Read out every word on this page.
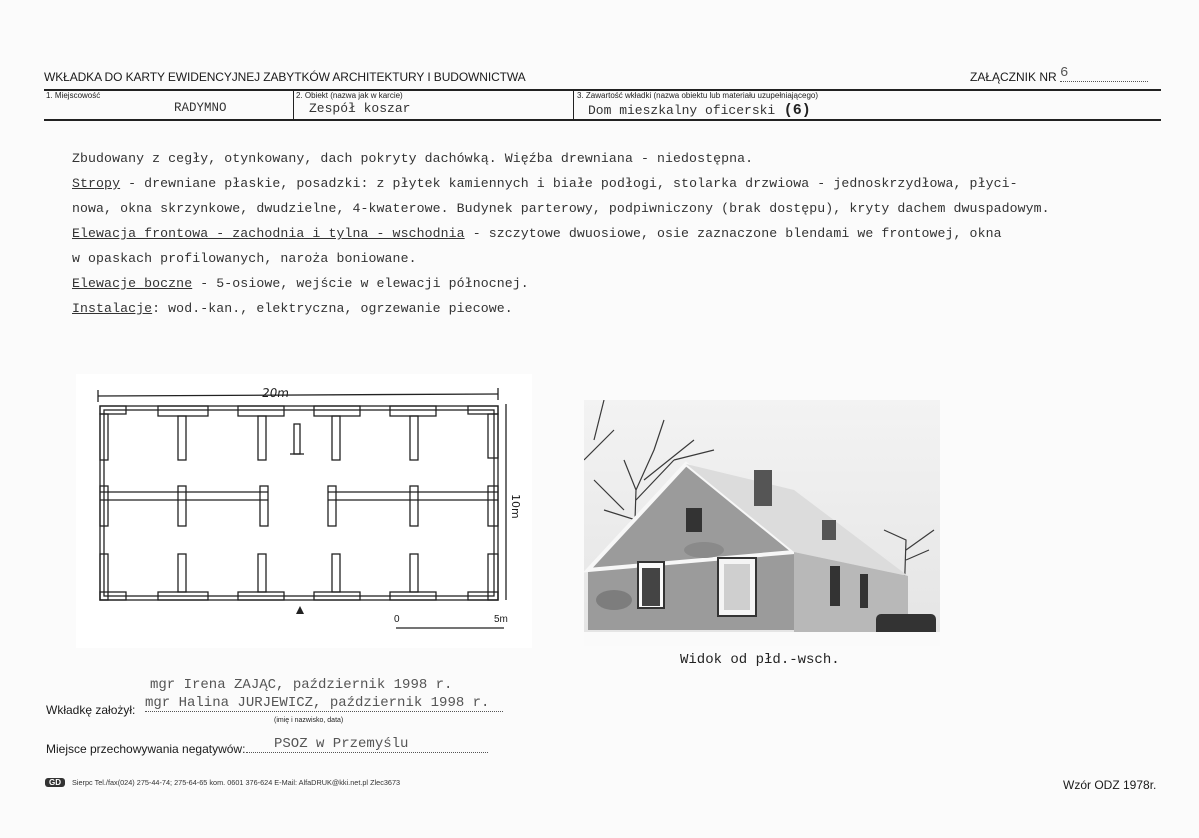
WKŁADKA DO KARTY EWIDENCYJNEJ ZABYTKÓW ARCHITEKTURY I BUDOWNICTWA	ZAŁĄCZNIK NR 6
1. Miejscowość
RADYMNO
2. Obiekt (nazwa jak w karcie)
Zespół koszar
3. Zawartość wkładki (nazwa obiektu lub materiału uzupełniającego)
Dom mieszkalny oficerski (6)
Zbudowany z cegły, otynkowany, dach pokryty dachówką. Więźba drewniana - niedostępna.
Stropy - drewniane płaskie, posadzki: z płytek kamiennych i białe podłogi, stolarka drzwiowa - jednoskrzydłowa, płyci-
nowa, okna skrzynkowe, dwudzielne, 4-kwaterowe. Budynek parterowy, podpiwniczony (brak dostępu), kryty dachem dwuspadowym.
Elewacja frontowa - zachodnia i tylna - wschodnia - szczytowe dwuosiowe, osie zaznaczone blendami we frontowej, okna
w opaskach profilowanych, naroża boniowane.
Elewacje boczne - 5-osiowe, wejście w elewacji północnej.
Instalacje: wod.-kan., elektryczna, ogrzewanie piecowe.
20m
10m
0	5m
Widok od płd.-wsch.
mgr Irena ZAJĄC, październik 1998 r.
Wkładkę założył: mgr Halina JURJEWICZ, październik 1998 r.
(imię i nazwisko, data)
Miejsce przechowywania negatywów:	PSOZ w Przemyślu
GD	Sierpc Tel./fax(024) 275-44-74; 275-64-65 kom. 0601 376-624 E-Mail: AlfaDRUK@kki.net.pl Zlec3673	Wzór ODZ 1978r.
